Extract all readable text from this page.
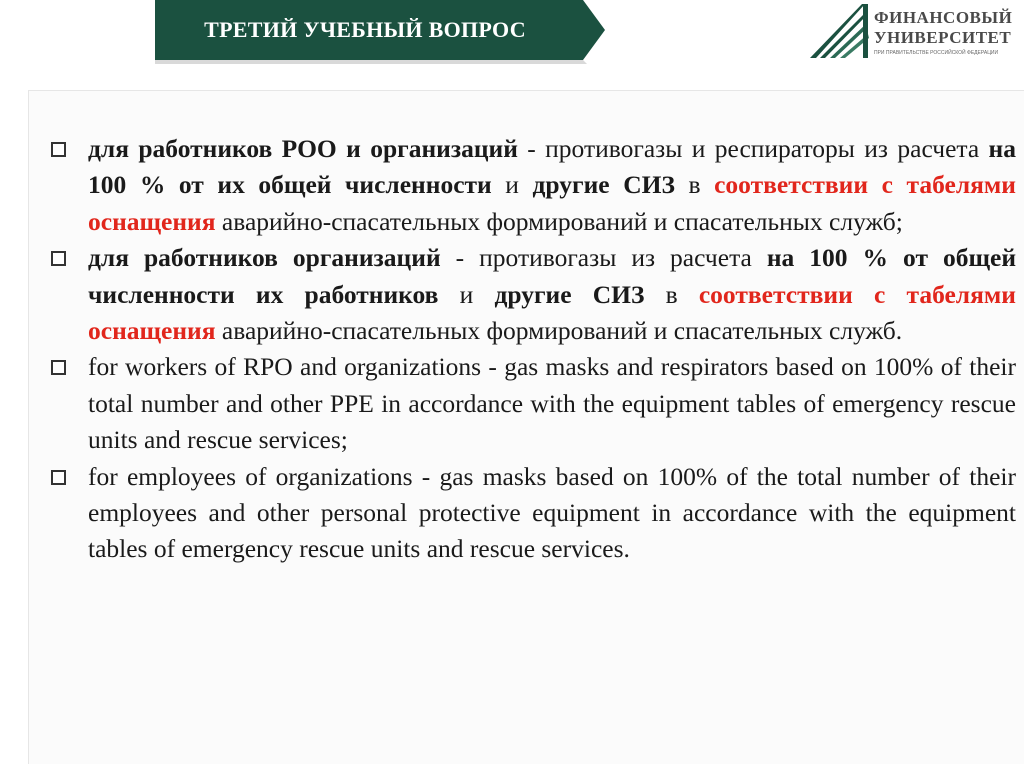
ТРЕТИЙ УЧЕБНЫЙ ВОПРОС	ФИНАНСОВЫЙ
УНИВЕРСИТЕТ
ПРИ ПРАВИТЕЛЬСТВЕ РОССИЙСКОЙ ФЕДЕРАЦИИ
для работников РОО и организаций - противогазы и респираторы из расчета на 100 % от их общей численности и другие СИЗ в соответствии с табелями оснащения аварийно-спасательных формирований и спасательных служб;
для работников организаций - противогазы из расчета на 100 % от общей численности их работников и другие СИЗ в соответствии с табелями оснащения аварийно-спасательных формирований и спасательных служб.
for workers of RPO and organizations - gas masks and respirators based on 100% of their total number and other PPE in accordance with the equipment tables of emergency rescue units and rescue services;
for employees of organizations - gas masks based on 100% of the total number of their employees and other personal protective equipment in accordance with the equipment tables of emergency rescue units and rescue services.
